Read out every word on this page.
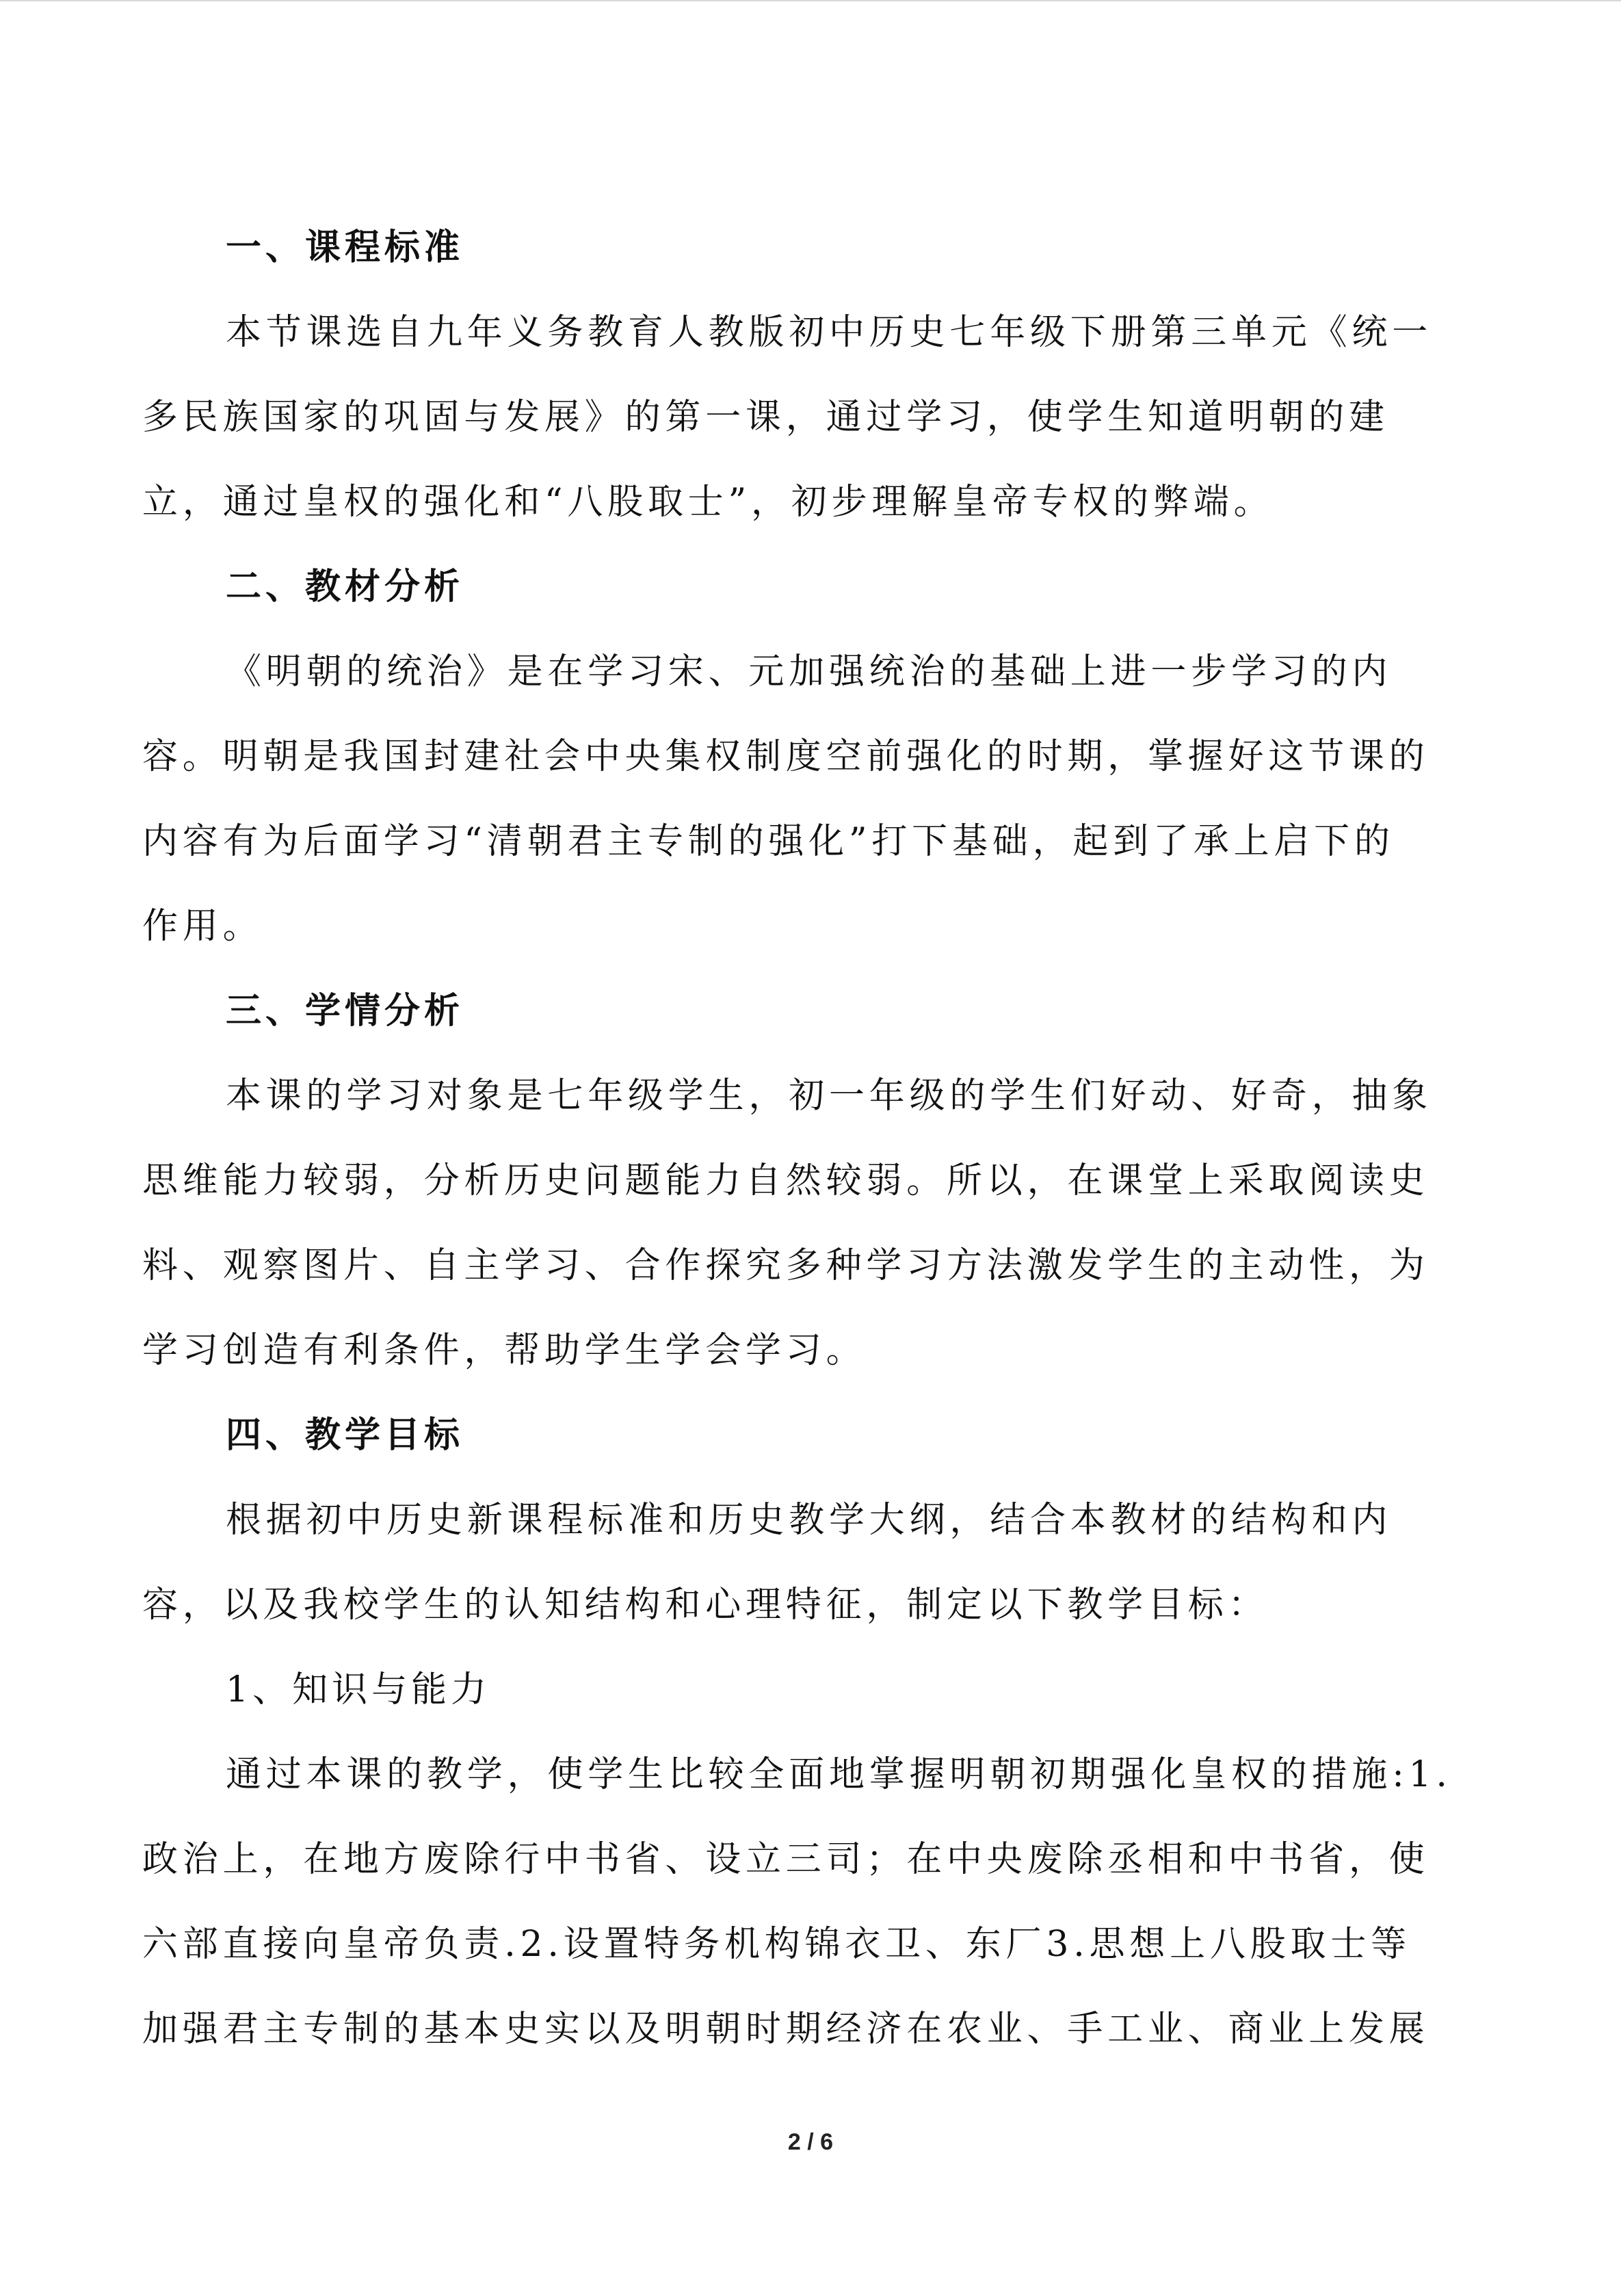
一、课程标准

本节课选自九年义务教育人教版初中历史七年级下册第三单元《统一

多民族国家的巩固与发展》的第一课，通过学习，使学生知道明朝的建

立，通过皇权的强化和“八股取士”，初步理解皇帝专权的弊端。

二、教材分析

《明朝的统治》是在学习宋、元加强统治的基础上进一步学习的内

容。明朝是我国封建社会中央集权制度空前强化的时期，掌握好这节课的

内容有为后面学习“清朝君主专制的强化”打下基础，起到了承上启下的

作用。

三、学情分析

本课的学习对象是七年级学生，初一年级的学生们好动、好奇，抽象

思维能力较弱，分析历史问题能力自然较弱。所以，在课堂上采取阅读史

料、观察图片、自主学习、合作探究多种学习方法激发学生的主动性，为

学习创造有利条件，帮助学生学会学习。

四、教学目标

根据初中历史新课程标准和历史教学大纲，结合本教材的结构和内

容，以及我校学生的认知结构和心理特征，制定以下教学目标：

1、知识与能力

通过本课的教学，使学生比较全面地掌握明朝初期强化皇权的措施:1.

政治上，在地方废除行中书省、设立三司；在中央废除丞相和中书省，使

六部直接向皇帝负责.2.设置特务机构锦衣卫、东厂3.思想上八股取士等

加强君主专制的基本史实以及明朝时期经济在农业、手工业、商业上发展

2 / 6
